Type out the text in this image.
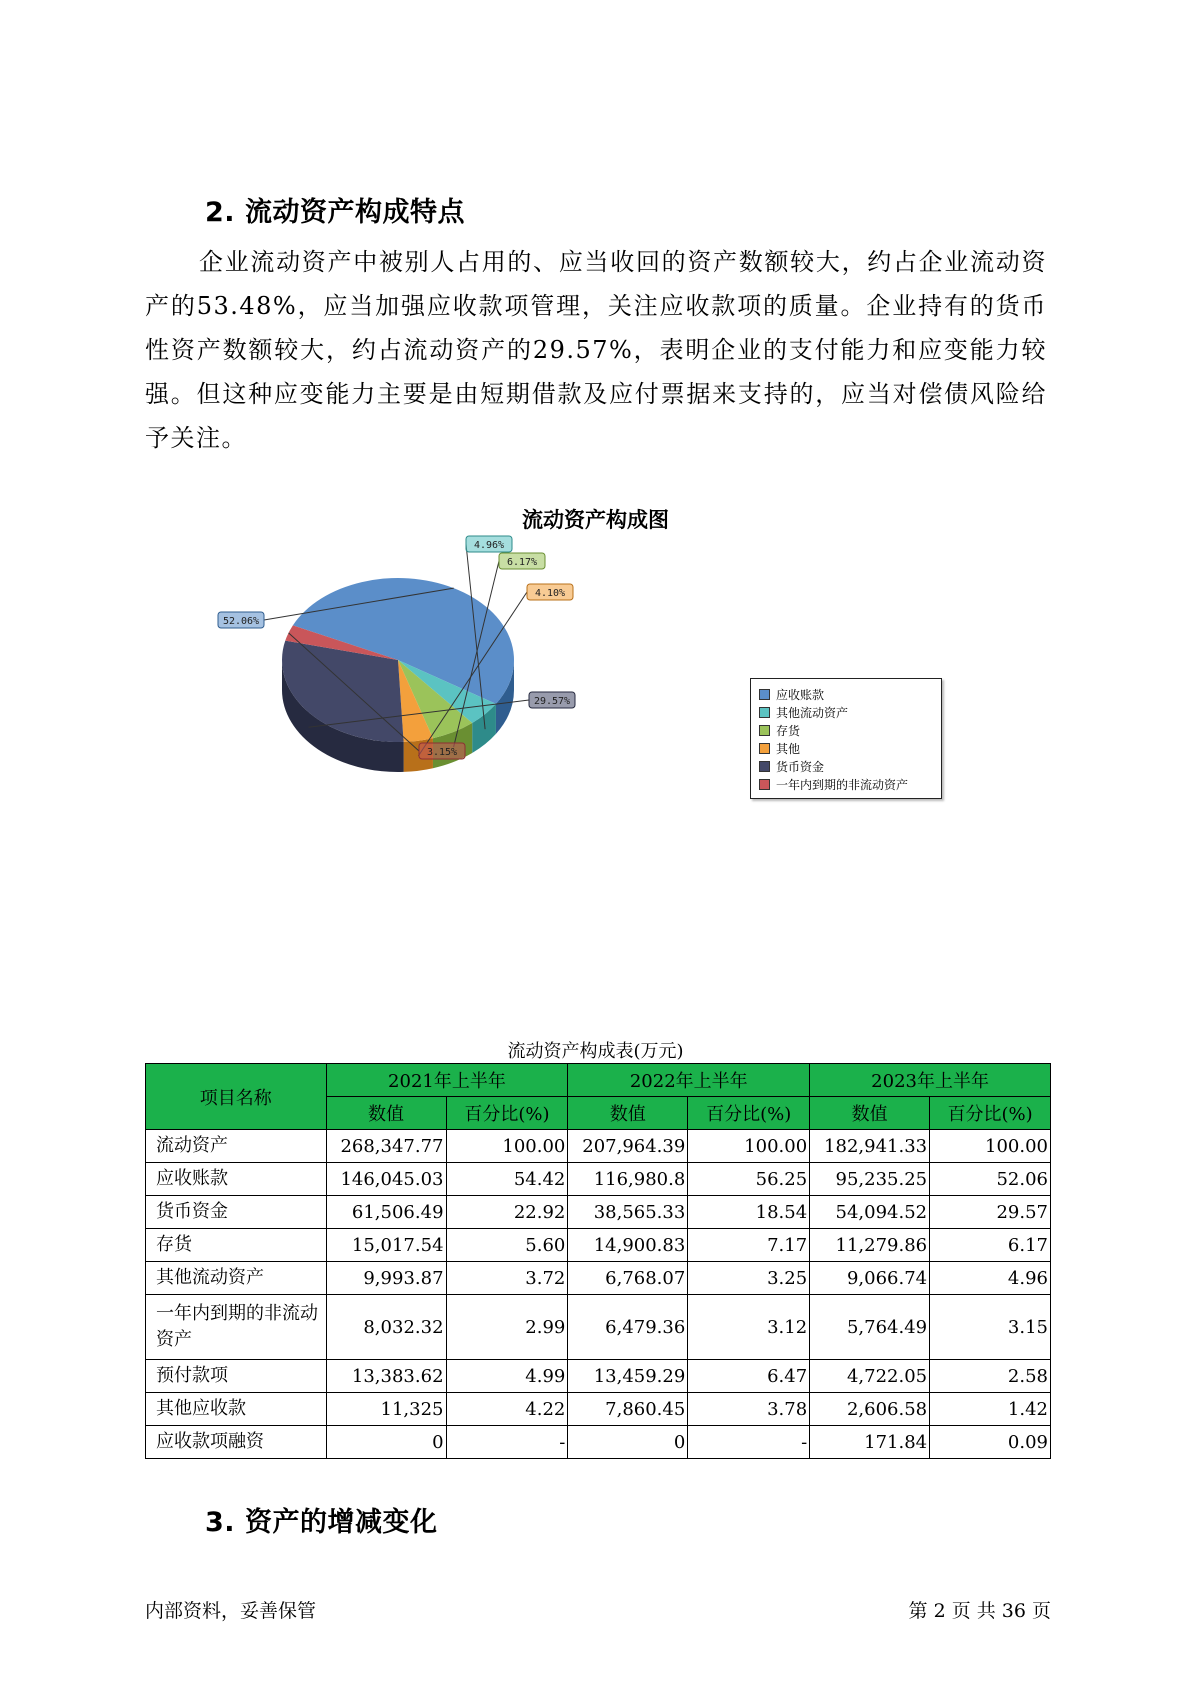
2. 流动资产构成特点

企业流动资产中被别人占用的、应当收回的资产数额较大，约占企业流动资产的53.48%，应当加强应收款项管理，关注应收款项的质量。企业持有的货币性资产数额较大，约占流动资产的29.57%，表明企业的支付能力和应变能力较强。但这种应变能力主要是由短期借款及应付票据来支持的，应当对偿债风险给予关注。

流动资产构成图
52.06%
4.96%
6.17%
4.10%
29.57%
3.15%
应收账款
其他流动资产
存货
其他
货币资金
一年内到期的非流动资产
流动资产构成表(万元)
项目名称	2021年上半年		2022年上半年		2023年上半年	
	数值	百分比(%)	数值	百分比(%)	数值	百分比(%)
流动资产	268,347.77	100.00	207,964.39	100.00	182,941.33	100.00
应收账款	146,045.03	54.42	116,980.8	56.25	95,235.25	52.06
货币资金	61,506.49	22.92	38,565.33	18.54	54,094.52	29.57
存货	15,017.54	5.60	14,900.83	7.17	11,279.86	6.17
其他流动资产	9,993.87	3.72	6,768.07	3.25	9,066.74	4.96
一年内到期的非流动资产	8,032.32	2.99	6,479.36	3.12	5,764.49	3.15
预付款项	13,383.62	4.99	13,459.29	6.47	4,722.05	2.58
其他应收款	11,325	4.22	7,860.45	3.78	2,606.58	1.42
应收款项融资	0	-	0	-	171.84	0.09
3. 资产的增减变化
内部资料，妥善保管	第 2 页 共 36 页
